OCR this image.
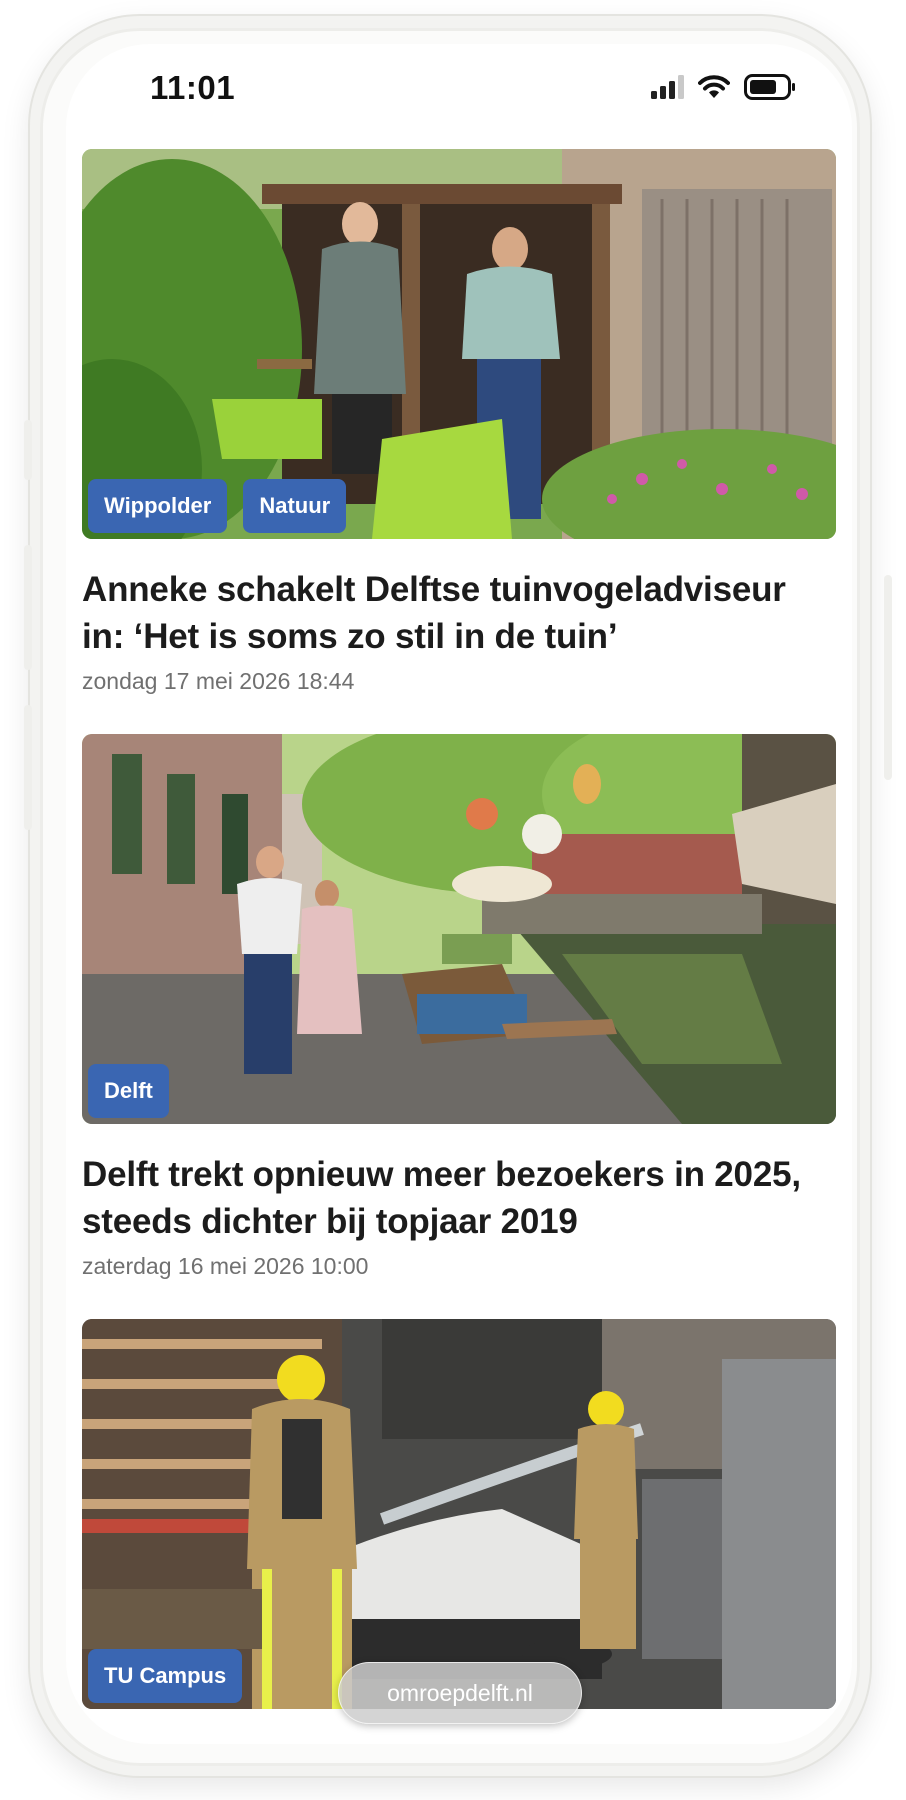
11:01
Wippolder	Natuur
Anneke schakelt Delftse tuinvogeladviseur in: ‘Het is soms zo stil in de tuin’
zondag 17 mei 2026 18:44
Delft
Delft trekt opnieuw meer bezoekers in 2025, steeds dichter bij topjaar 2019
zaterdag 16 mei 2026 10:00
TU Campus
omroepdelft.nl
